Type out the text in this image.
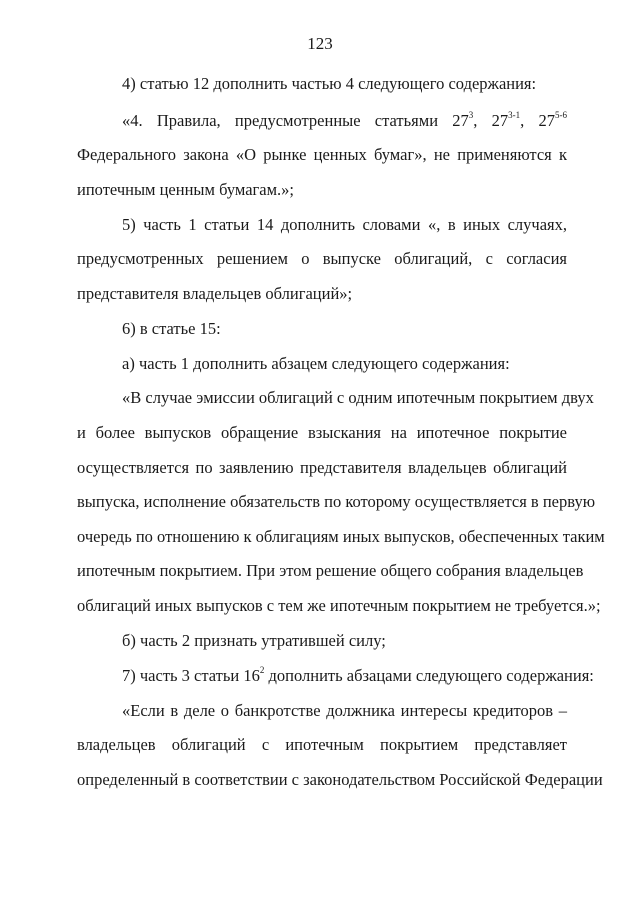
123
4) статью 12 дополнить частью 4 следующего содержания:
«4. Правила, предусмотренные статьями $27^3$, 27$^{3-1}$, 27$^{5-6}$
Федерального закона «О рынке ценных бумаг», не применяются к
ипотечным ценным бумагам.»;
5) часть 1 статьи 14 дополнить словами «, в иных случаях,
предусмотренных решением о выпуске облигаций, с согласия
представителя владельцев облигаций»;
6) в статье 15:
а) часть 1 дополнить абзацем следующего содержания:
«В случае эмиссии облигаций с одним ипотечным покрытием двух
и более выпусков обращение взыскания на ипотечное покрытие
осуществляется по заявлению представителя владельцев облигаций
выпуска, исполнение обязательств по которому осуществляется в первую
очередь по отношению к облигациям иных выпусков, обеспеченных таким
ипотечным покрытием. При этом решение общего собрания владельцев
облигаций иных выпусков с тем же ипотечным покрытием не требуется.»;
б) часть 2 признать утратившей силу;
7) часть 3 статьи $16^2$ дополнить абзацами следующего содержания:
«Если в деле о банкротстве должника интересы кредиторов –
владельцев облигаций с ипотечным покрытием представляет
определенный в соответствии с законодательством Российской Федерации
